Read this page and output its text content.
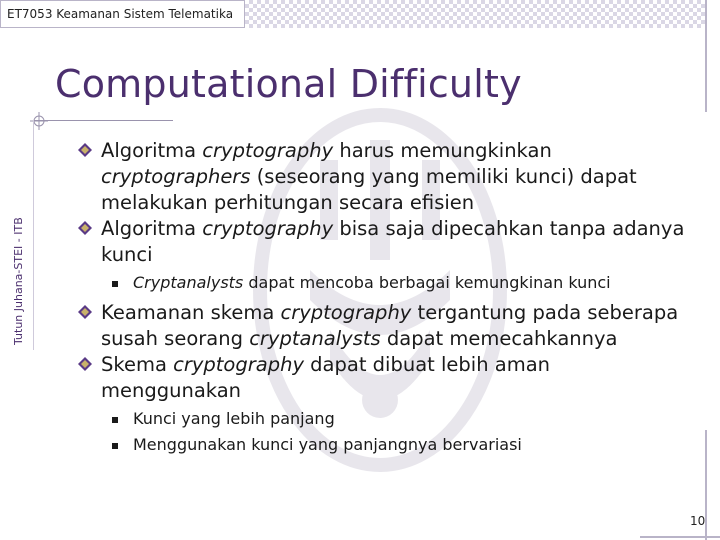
ET7053 Keamanan Sistem Telematika
Computational Difficulty
Tutun Juhana-STEI - ITB
Algoritma cryptography harus memungkinkan cryptographers (seseorang yang memiliki kunci) dapat melakukan perhitungan secara efisien
Algoritma cryptography bisa saja dipecahkan tanpa adanya kunci
Cryptanalysts dapat mencoba berbagai kemungkinan kunci
Keamanan skema cryptography tergantung pada seberapa susah seorang cryptanalysts dapat memecahkannya
Skema cryptography dapat dibuat lebih aman menggunakan
Kunci yang lebih panjang
Menggunakan kunci yang panjangnya bervariasi
10
